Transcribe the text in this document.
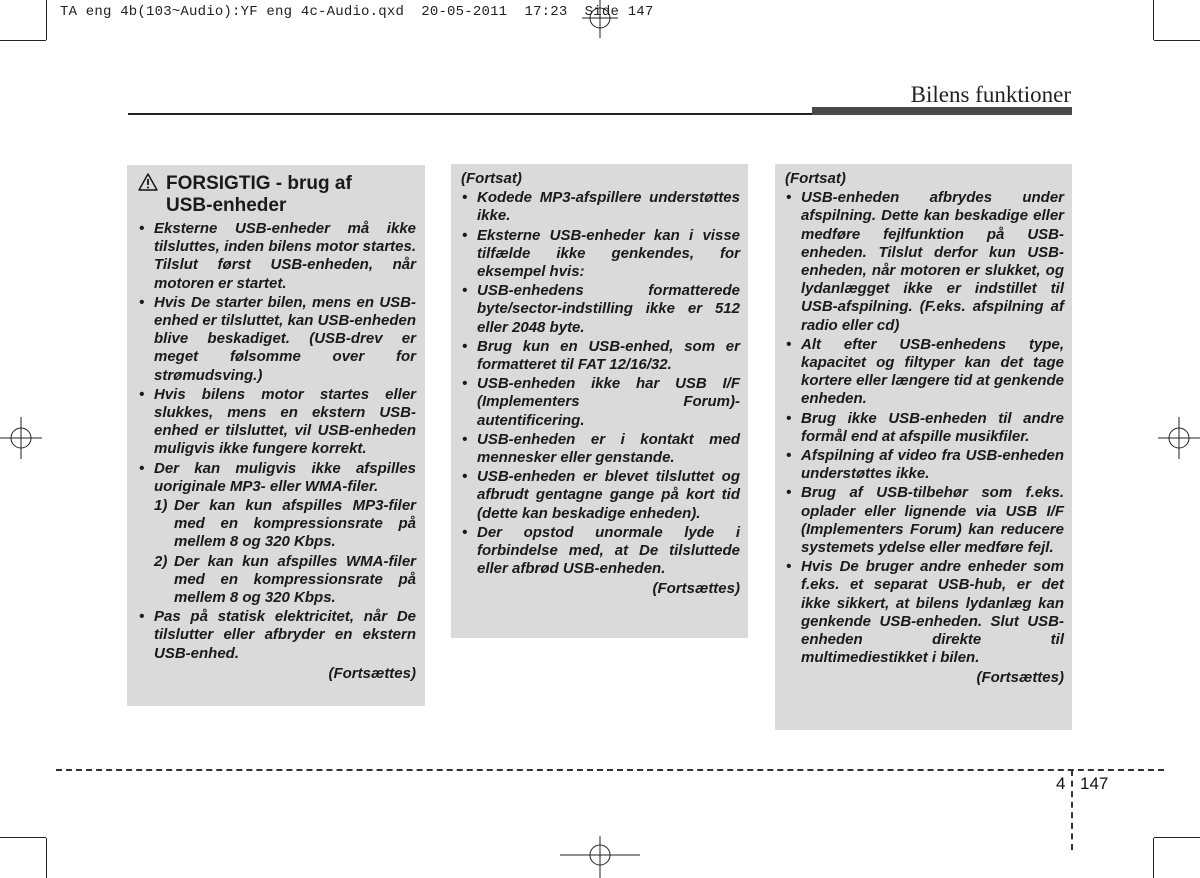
TA eng 4b(103~Audio):YF eng 4c-Audio.qxd  20-05-2011  17:23  Side 147
Bilens funktioner
FORSIGTIG - brug af
USB-enheder
• Eksterne USB-enheder må ikke tilsluttes, inden bilens motor startes. Tilslut først USB-enheden, når motoren er startet.
• Hvis De starter bilen, mens en USB-enhed er tilsluttet, kan USB-enheden blive beskadiget. (USB-drev er meget følsomme over for strømudsving.)
• Hvis bilens motor startes eller slukkes, mens en ekstern USB-enhed er tilsluttet, vil USB-enheden muligvis ikke fungere korrekt.
• Der kan muligvis ikke afspilles uoriginale MP3- eller WMA-filer.
1) Der kan kun afspilles MP3-filer med en kompressionsrate på mellem 8 og 320 Kbps.
2) Der kan kun afspilles WMA-filer med en kompressionsrate på mellem 8 og 320 Kbps.
• Pas på statisk elektricitet, når De tilslutter eller afbryder en ekstern USB-enhed.
(Fortsættes)
(Fortsat)
• Kodede MP3-afspillere understøttes ikke.
• Eksterne USB-enheder kan i visse tilfælde ikke genkendes, for eksempel hvis:
• USB-enhedens formatterede byte/sector-indstilling ikke er 512 eller 2048 byte.
• Brug kun en USB-enhed, som er formatteret til FAT 12/16/32.
• USB-enheden ikke har USB I/F (Implementers Forum)-autentificering.
• USB-enheden er i kontakt med mennesker eller genstande.
• USB-enheden er blevet tilsluttet og afbrudt gentagne gange på kort tid (dette kan beskadige enheden).
• Der opstod unormale lyde i forbindelse med, at De tilsluttede eller afbrød USB-enheden.
(Fortsættes)
(Fortsat)
• USB-enheden afbrydes under afspilning. Dette kan beskadige eller medføre fejlfunktion på USB-enheden. Tilslut derfor kun USB-enheden, når motoren er slukket, og lydanlægget ikke er indstillet til USB-afspilning. (F.eks. afspilning af radio eller cd)
• Alt efter USB-enhedens type, kapacitet og filtyper kan det tage kortere eller længere tid at genkende enheden.
• Brug ikke USB-enheden til andre formål end at afspille musikfiler.
• Afspilning af video fra USB-enheden understøttes ikke.
• Brug af USB-tilbehør som f.eks. oplader eller lignende via USB I/F (Implementers Forum) kan reducere systemets ydelse eller medføre fejl.
• Hvis De bruger andre enheder som f.eks. et separat USB-hub, er det ikke sikkert, at bilens lydanlæg kan genkende USB-enheden. Slut USB-enheden direkte til multimediestikket i bilen.
(Fortsættes)
4 147
